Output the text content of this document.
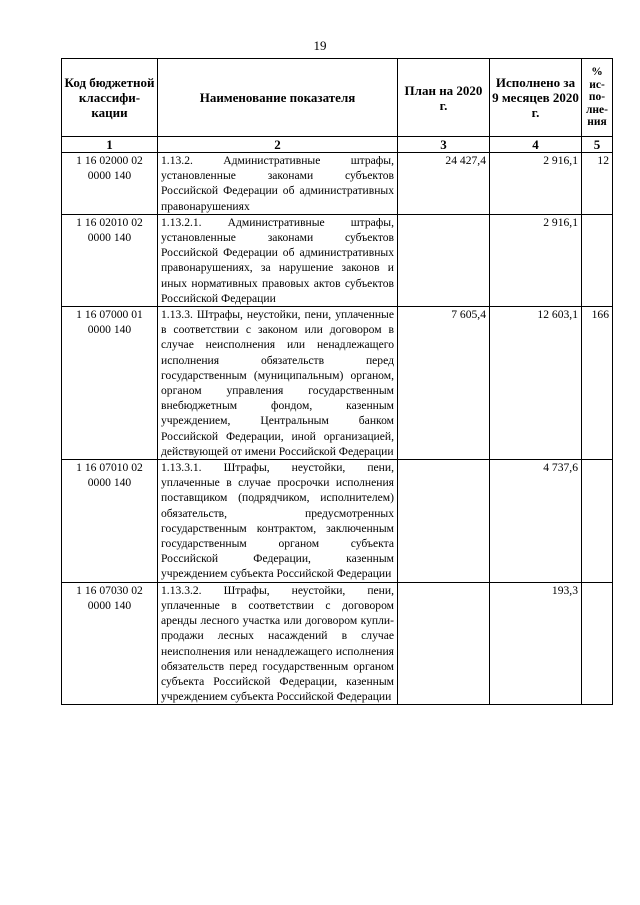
19
Код бюджетной классифи-кации	Наименование показателя	План на 2020 г.	Исполнено за 9 месяцев 2020 г.	% ис-по-лне-ния
1	2	3	4	5
1 16 02000 02 0000 140	1.13.2. Административные штрафы, установленные законами субъектов Российской Федерации об административных правонарушениях	24 427,4	2 916,1	12
1 16 02010 02 0000 140	1.13.2.1. Административные штрафы, установленные законами субъектов Российской Федерации об административных правонарушениях, за нарушение законов и иных нормативных правовых актов субъектов Российской Федерации		2 916,1	
1 16 07000 01 0000 140	1.13.3. Штрафы, неустойки, пени, уплаченные в соответствии с законом или договором в случае неисполнения или ненадлежащего исполнения обязательств перед государственным (муниципальным) органом, органом управления государственным внебюджетным фондом, казенным учреждением, Центральным банком Российской Федерации, иной организацией, действующей от имени Российской Федерации	7 605,4	12 603,1	166
1 16 07010 02 0000 140	1.13.3.1. Штрафы, неустойки, пени, уплаченные в случае просрочки исполнения поставщиком (подрядчиком, исполнителем) обязательств, предусмотренных государственным контрактом, заключенным государственным органом субъекта Российской Федерации, казенным учреждением субъекта Российской Федерации		4 737,6	
1 16 07030 02 0000 140	1.13.3.2. Штрафы, неустойки, пени, уплаченные в соответствии с договором аренды лесного участка или договором купли-продажи лесных насаждений в случае неисполнения или ненадлежащего исполнения обязательств перед государственным органом субъекта Российской Федерации, казенным учреждением субъекта Российской Федерации		193,3	
